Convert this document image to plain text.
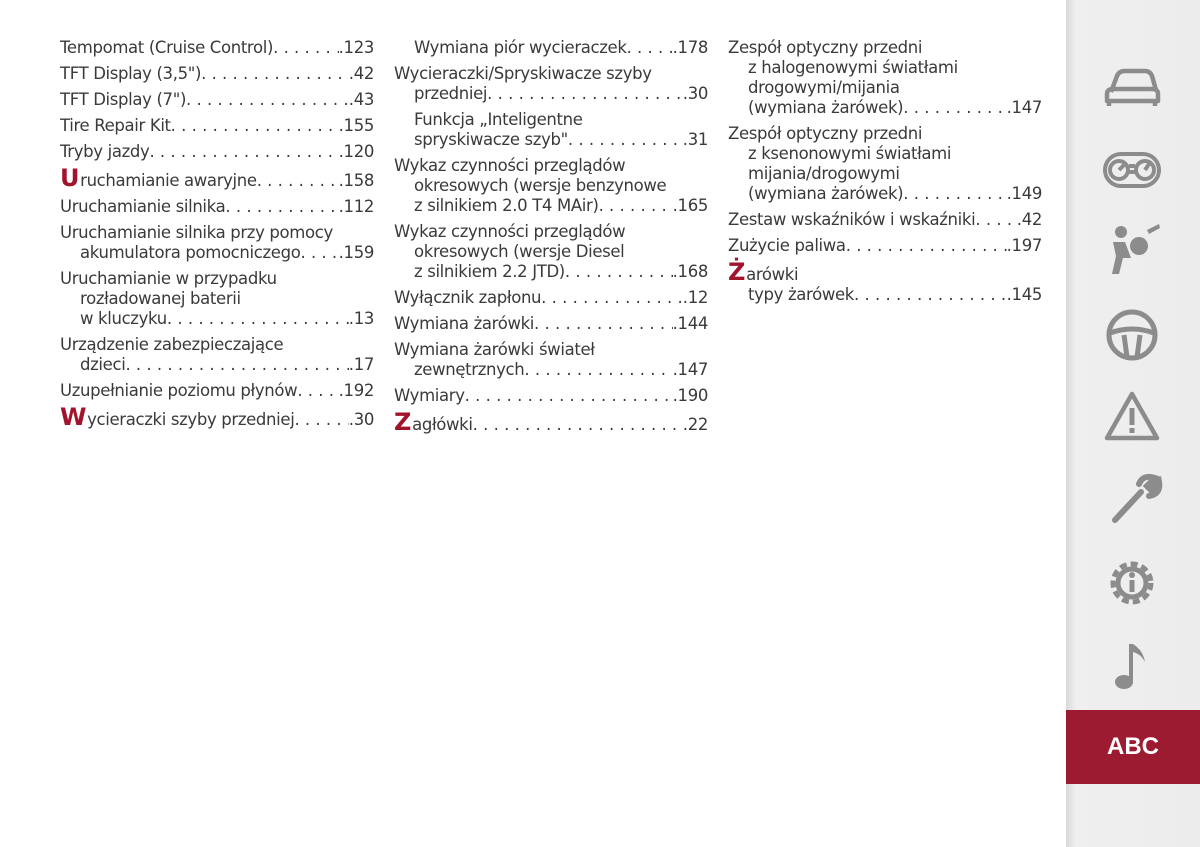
Tempomat (Cruise Control) . . .	.123
TFT Display (3,5") . . .	.42
TFT Display (7") . . .	.43
Tire Repair Kit . . .	.155
Tryby jazdy . . .	.120
U ruchamianie awaryjne . . .	.158
Uruchamianie silnika . . .	.112
Uruchamianie silnika przy pomocy
akumulatora pomocniczego . . . .159
Uruchamianie w przypadku
rozładowanej baterii
w kluczyku . . .	.13
Urządzenie zabezpieczające
dzieci . . .	.17
Uzupełnianie poziomu płynów . . .	.192
W ycieraczki szyby przedniej . . .	.30
Wymiana piór wycieraczek . . .	.178
Wycieraczki/Spryskiwacze szyby
przedniej . . .	.30
Funkcja „Inteligentne
spryskiwacze szyb" . . .	.31
Wykaz czynności przeglądów
okresowych (wersje benzynowe
z silnikiem 2.0 T4 MAir) . . .	.165
Wykaz czynności przeglądów
okresowych (wersje Diesel
z silnikiem 2.2 JTD) . . .	.168
Wyłącznik zapłonu . . .	.12
Wymiana żarówki . . .	.144
Wymiana żarówki świateł
zewnętrznych . . .	.147
Wymiary . . .	.190
Z agłówki . . .	.22
Zespół optyczny przedni
z halogenowymi światłami
drogowymi/mijania
(wymiana żarówek) . . .	.147
Zespół optyczny przedni
z ksenonowymi światłami
mijania/drogowymi
(wymiana żarówek) . . .	.149
Zestaw wskaźników i wskaźniki . . .	.42
Zużycie paliwa . . .	.197
Ż arówki
typy żarówek . . .	.145
ABC
